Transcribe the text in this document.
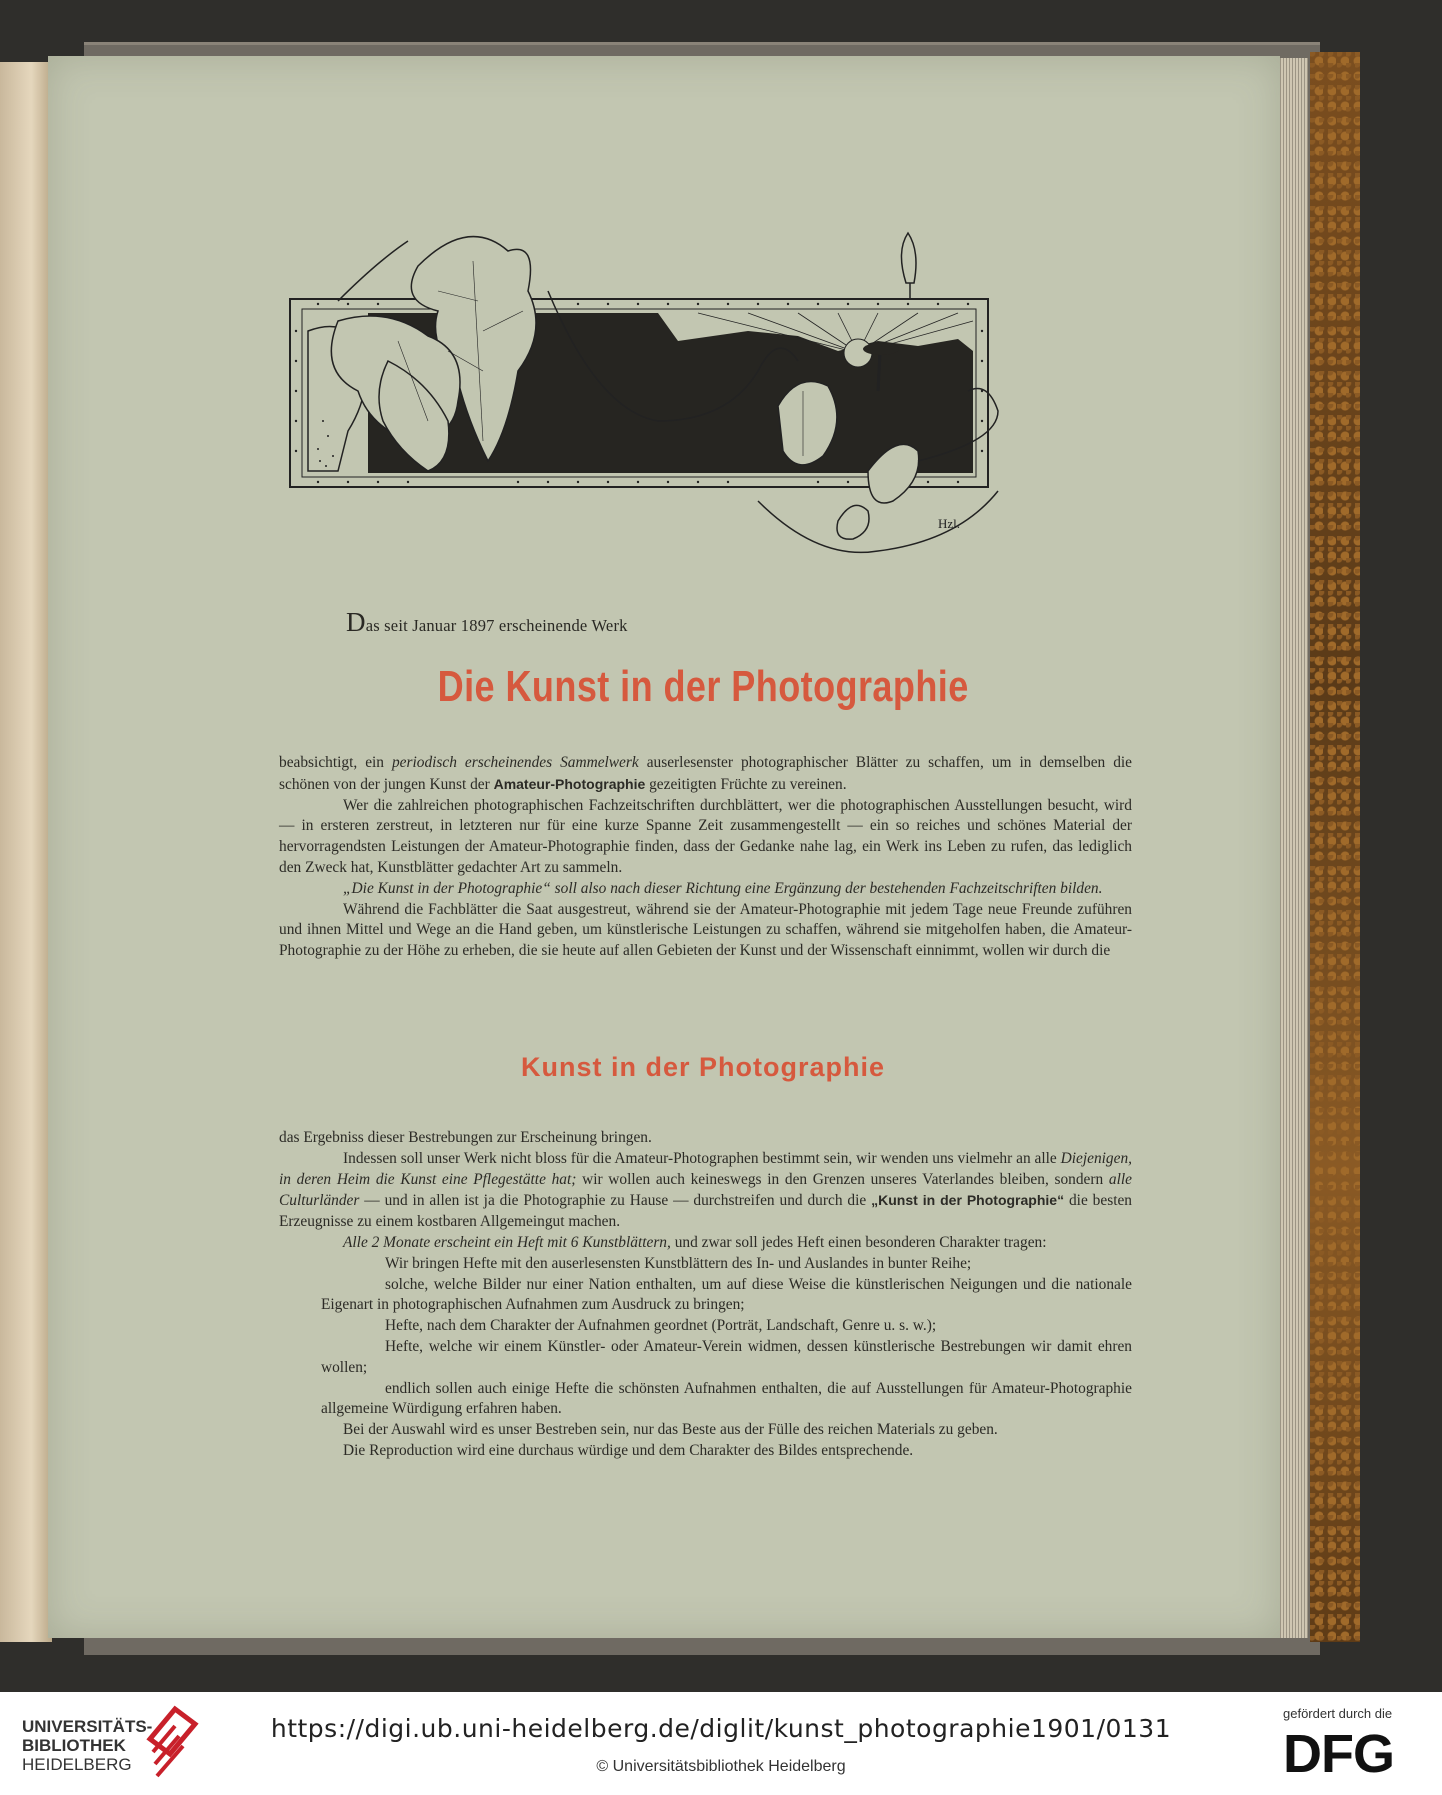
Hzl.
Das seit Januar 1897 erscheinende Werk
Die Kunst in der Photographie

beabsichtigt, ein periodisch erscheinendes Sammelwerk auserlesenster photographischer Blätter zu schaffen, um in demselben die schönen von der jungen Kunst der Amateur-Photographie gezeitigten Früchte zu vereinen.

Wer die zahlreichen photographischen Fachzeitschriften durchblättert, wer die photographischen Ausstellungen besucht, wird — in ersteren zerstreut, in letzteren nur für eine kurze Spanne Zeit zusammengestellt — ein so reiches und schönes Material der hervorragendsten Leistungen der Amateur-Photographie finden, dass der Gedanke nahe lag, ein Werk ins Leben zu rufen, das lediglich den Zweck hat, Kunstblätter gedachter Art zu sammeln.

„Die Kunst in der Photographie“ soll also nach dieser Richtung eine Ergänzung der bestehenden Fachzeitschriften bilden.

Während die Fachblätter die Saat ausgestreut, während sie der Amateur-Photographie mit jedem Tage neue Freunde zuführen und ihnen Mittel und Wege an die Hand geben, um künstlerische Leistungen zu schaffen, während sie mitgeholfen haben, die Amateur-Photographie zu der Höhe zu erheben, die sie heute auf allen Gebieten der Kunst und der Wissenschaft einnimmt, wollen wir durch die

Kunst in der Photographie

das Ergebniss dieser Bestrebungen zur Erscheinung bringen.

Indessen soll unser Werk nicht bloss für die Amateur-Photographen bestimmt sein, wir wenden uns vielmehr an alle Diejenigen, in deren Heim die Kunst eine Pflegestätte hat; wir wollen auch keineswegs in den Grenzen unseres Vaterlandes bleiben, sondern alle Culturländer — und in allen ist ja die Photographie zu Hause — durchstreifen und durch die „Kunst in der Photographie“ die besten Erzeugnisse zu einem kostbaren Allgemeingut machen.

Alle 2 Monate erscheint ein Heft mit 6 Kunstblättern, und zwar soll jedes Heft einen besonderen Charakter tragen:

Wir bringen Hefte mit den auserlesensten Kunstblättern des In- und Auslandes in bunter Reihe;

solche, welche Bilder nur einer Nation enthalten, um auf diese Weise die künstlerischen Neigungen und die nationale Eigenart in photographischen Aufnahmen zum Ausdruck zu bringen;

Hefte, nach dem Charakter der Aufnahmen geordnet (Porträt, Landschaft, Genre u. s. w.);

Hefte, welche wir einem Künstler- oder Amateur-Verein widmen, dessen künstlerische Bestrebungen wir damit ehren wollen;

endlich sollen auch einige Hefte die schönsten Aufnahmen enthalten, die auf Ausstellungen für Amateur-Photographie allgemeine Würdigung erfahren haben.

Bei der Auswahl wird es unser Bestreben sein, nur das Beste aus der Fülle des reichen Materials zu geben.

Die Reproduction wird eine durchaus würdige und dem Charakter des Bildes entsprechende.

UNIVERSITÄTS-
BIBLIOTHEK
HEIDELBERG
https://digi.ub.uni-heidelberg.de/diglit/kunst_photographie1901/0131
© Universitätsbibliothek Heidelberg
gefördert durch die
DFG
